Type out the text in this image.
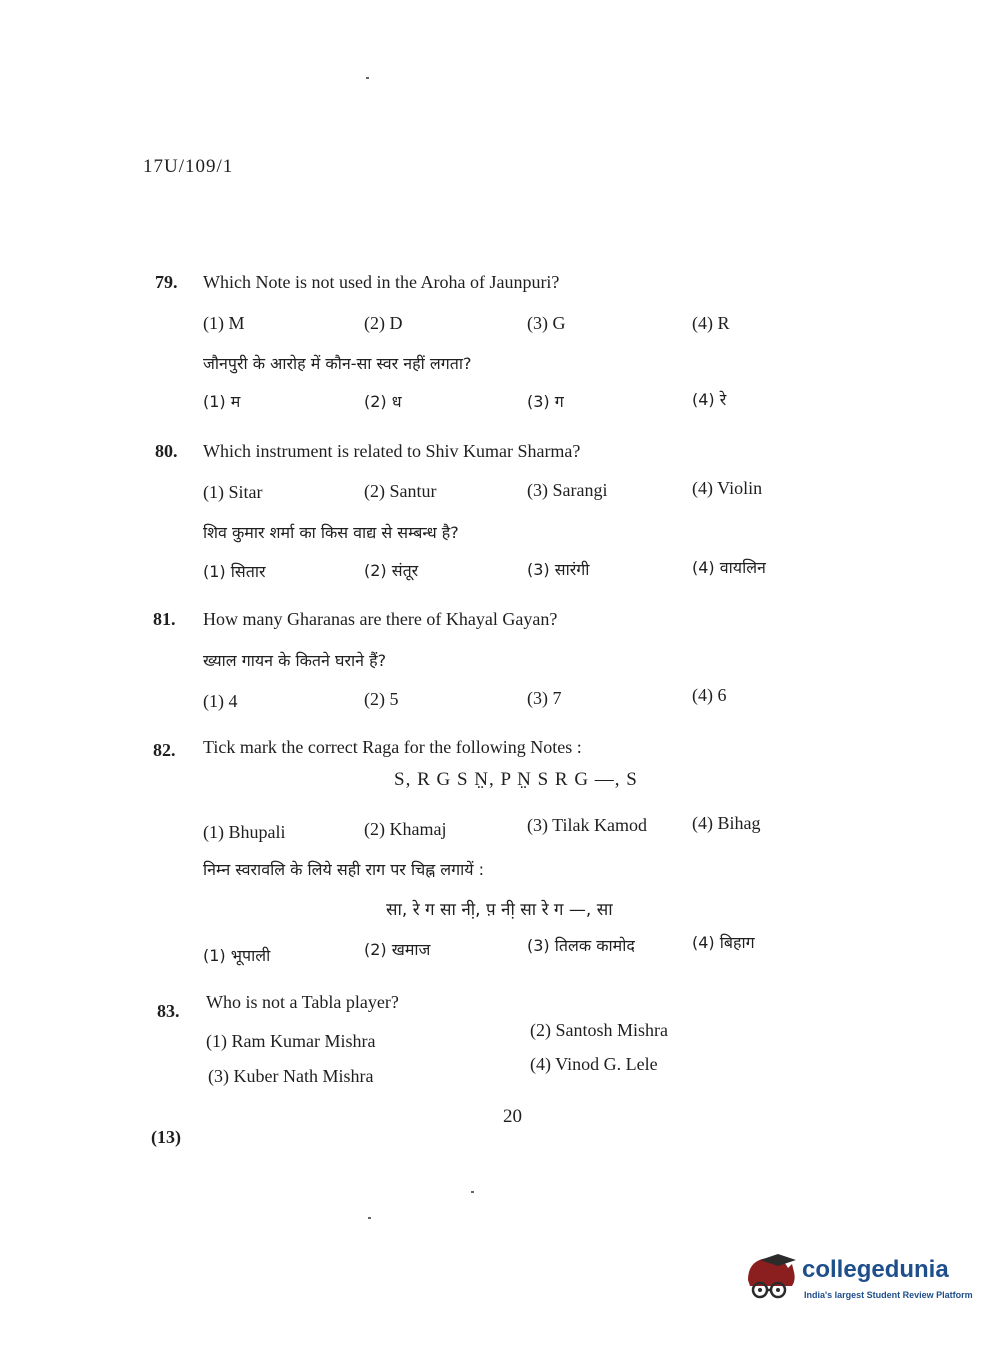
17U/109/1
79. Which Note is not used in the Aroha of Jaunpuri?
(1) M	(2) D	(3) G	(4) R
जौनपुरी के आरोह में कौन-सा स्वर नहीं लगता?
(1) म	(2) ध	(3) ग	(4) रे
80. Which instrument is related to Shiv Kumar Sharma?
(1) Sitar	(2) Santur	(3) Sarangi	(4) Violin
शिव कुमार शर्मा का किस वाद्य से सम्बन्ध है?
(1) सितार	(2) संतूर	(3) सारंगी	(4) वायलिन
81. How many Gharanas are there of Khayal Gayan?
ख्याल गायन के कितने घराने हैं?
(1) 4	(2) 5	(3) 7	(4) 6
82. Tick mark the correct Raga for the following Notes :
S, R G S N̤, P N̤ S R G —, S
(1) Bhupali	(2) Khamaj	(3) Tilak Kamod (4) Bihag
निम्न स्वरावलि के लिये सही राग पर चिह्न लगायें :
सा, रे ग सा नी़, प़ नी़ सा रे ग —, सा
(1) भूपाली	(2) खमाज	(3) तिलक कामोद	(4) बिहाग
83. Who is not a Tabla player?
(1) Ram Kumar Mishra
(2) Santosh Mishra
(3) Kuber Nath Mishra
(4) Vinod G. Lele
20
(13)
collegedunia
India's largest Student Review Platform
